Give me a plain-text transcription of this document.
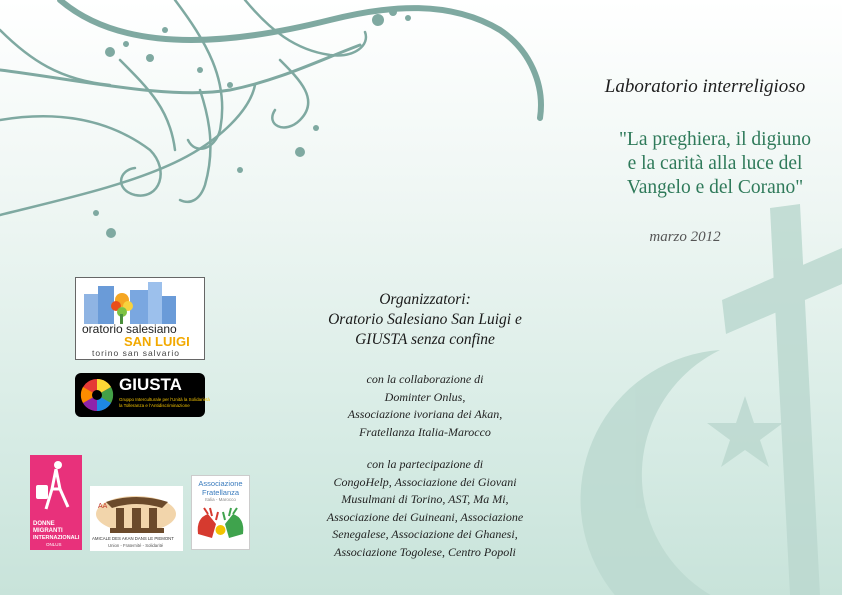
Laboratorio interreligioso
"La preghiera, il digiuno
e la carità alla luce del
Vangelo e del Corano"
marzo 2012
Organizzatori:
Oratorio Salesiano San Luigi e
GIUSTA senza confine
con la collaborazione di
Dominter Onlus,
Associazione ivoriana dei Akan,
Fratellanza Italia-Marocco
con la partecipazione di
CongoHelp, Associazione dei Giovani
Musulmani di Torino, AST, Ma Mi,
Associazione dei Guineani, Associazione
Senegalese, Associazione dei Ghanesi,
Associazione Togolese, Centro Popoli
oratorio salesiano
SAN LUIGI
torino san salvario
GIUSTA
Gruppo Interculturale per l'Unità la Solidarietà
la Tolleranza e l'Antidiscriminazione
DONNE
MIGRANTI
INTERNAZIONALI
ONLUS
AA
AMICALE DES AKAN DANS LE PIEMONT
Union - Fraternité - Solidarité
Associazione
Fratellanza
Italia - Marocco
